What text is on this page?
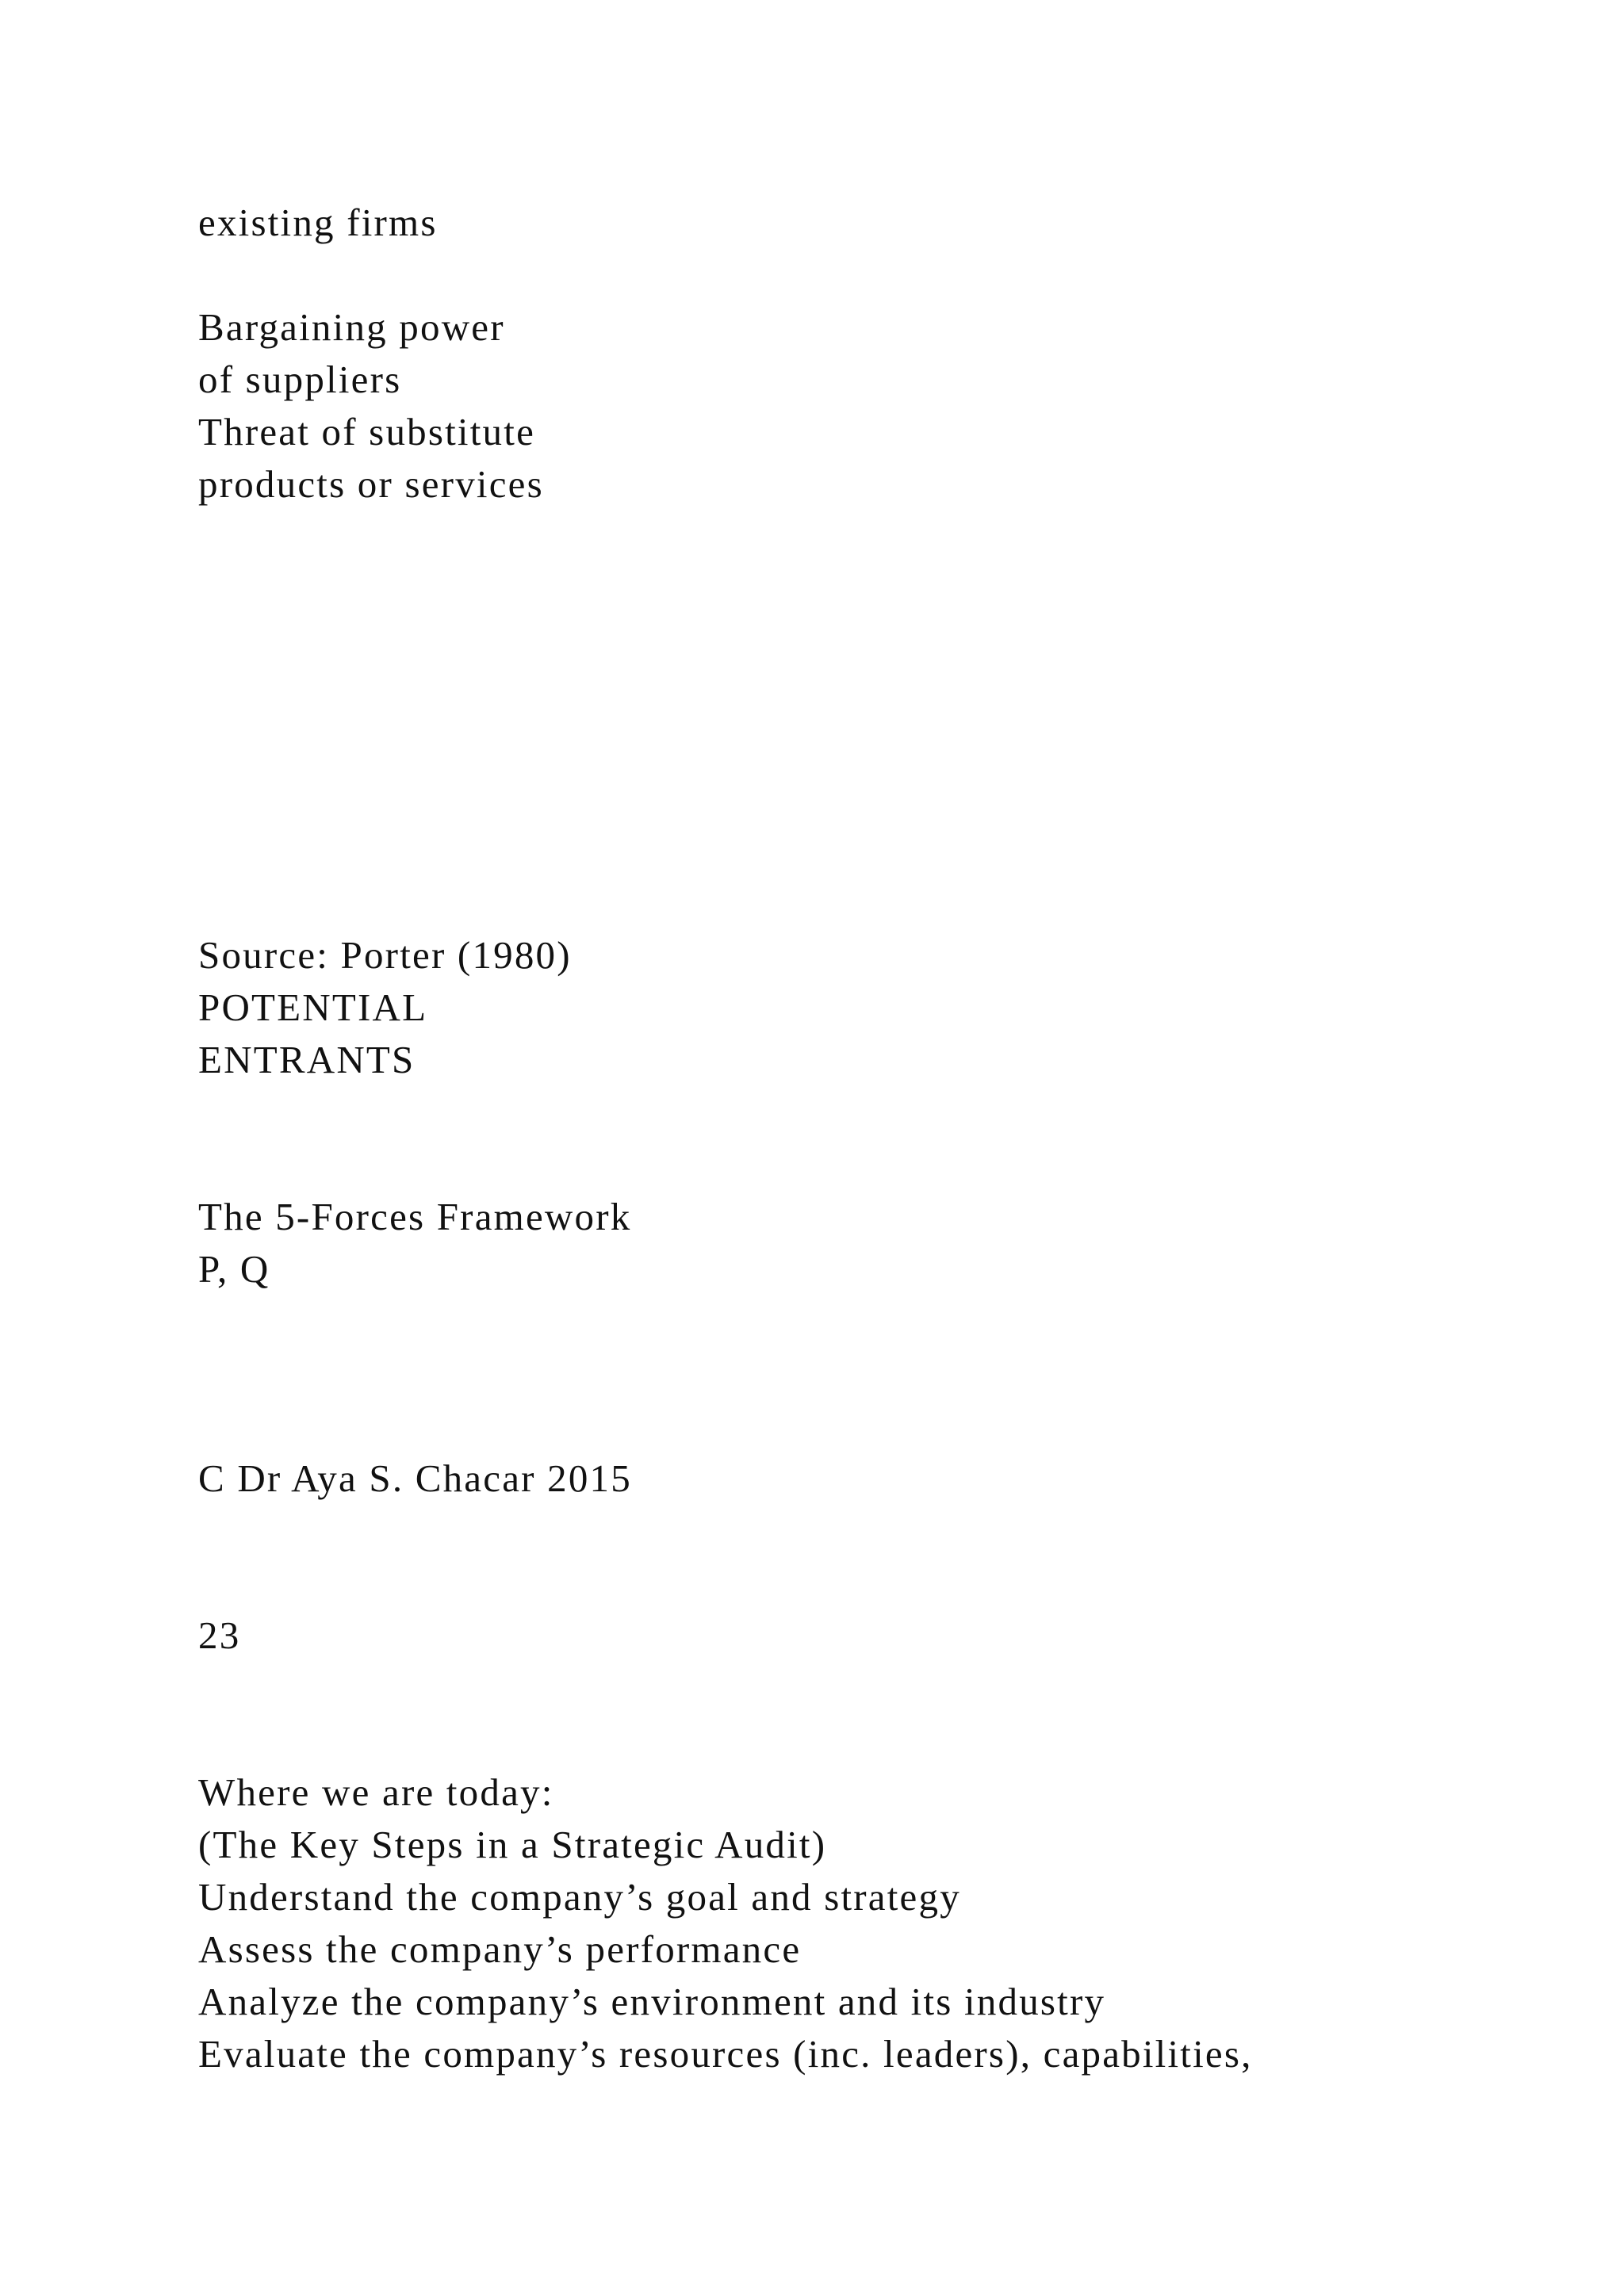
existing firms
Bargaining power
of suppliers
Threat of substitute
products or services
Source: Porter (1980)
POTENTIAL
ENTRANTS
The 5-Forces Framework
P, Q
C Dr Aya S. Chacar 2015
23
Where we are today:
(The Key Steps in a Strategic Audit)
Understand the company’s goal and strategy
Assess the company’s performance
Analyze the company’s environment and its industry
Evaluate the company’s resources (inc. leaders), capabilities,
